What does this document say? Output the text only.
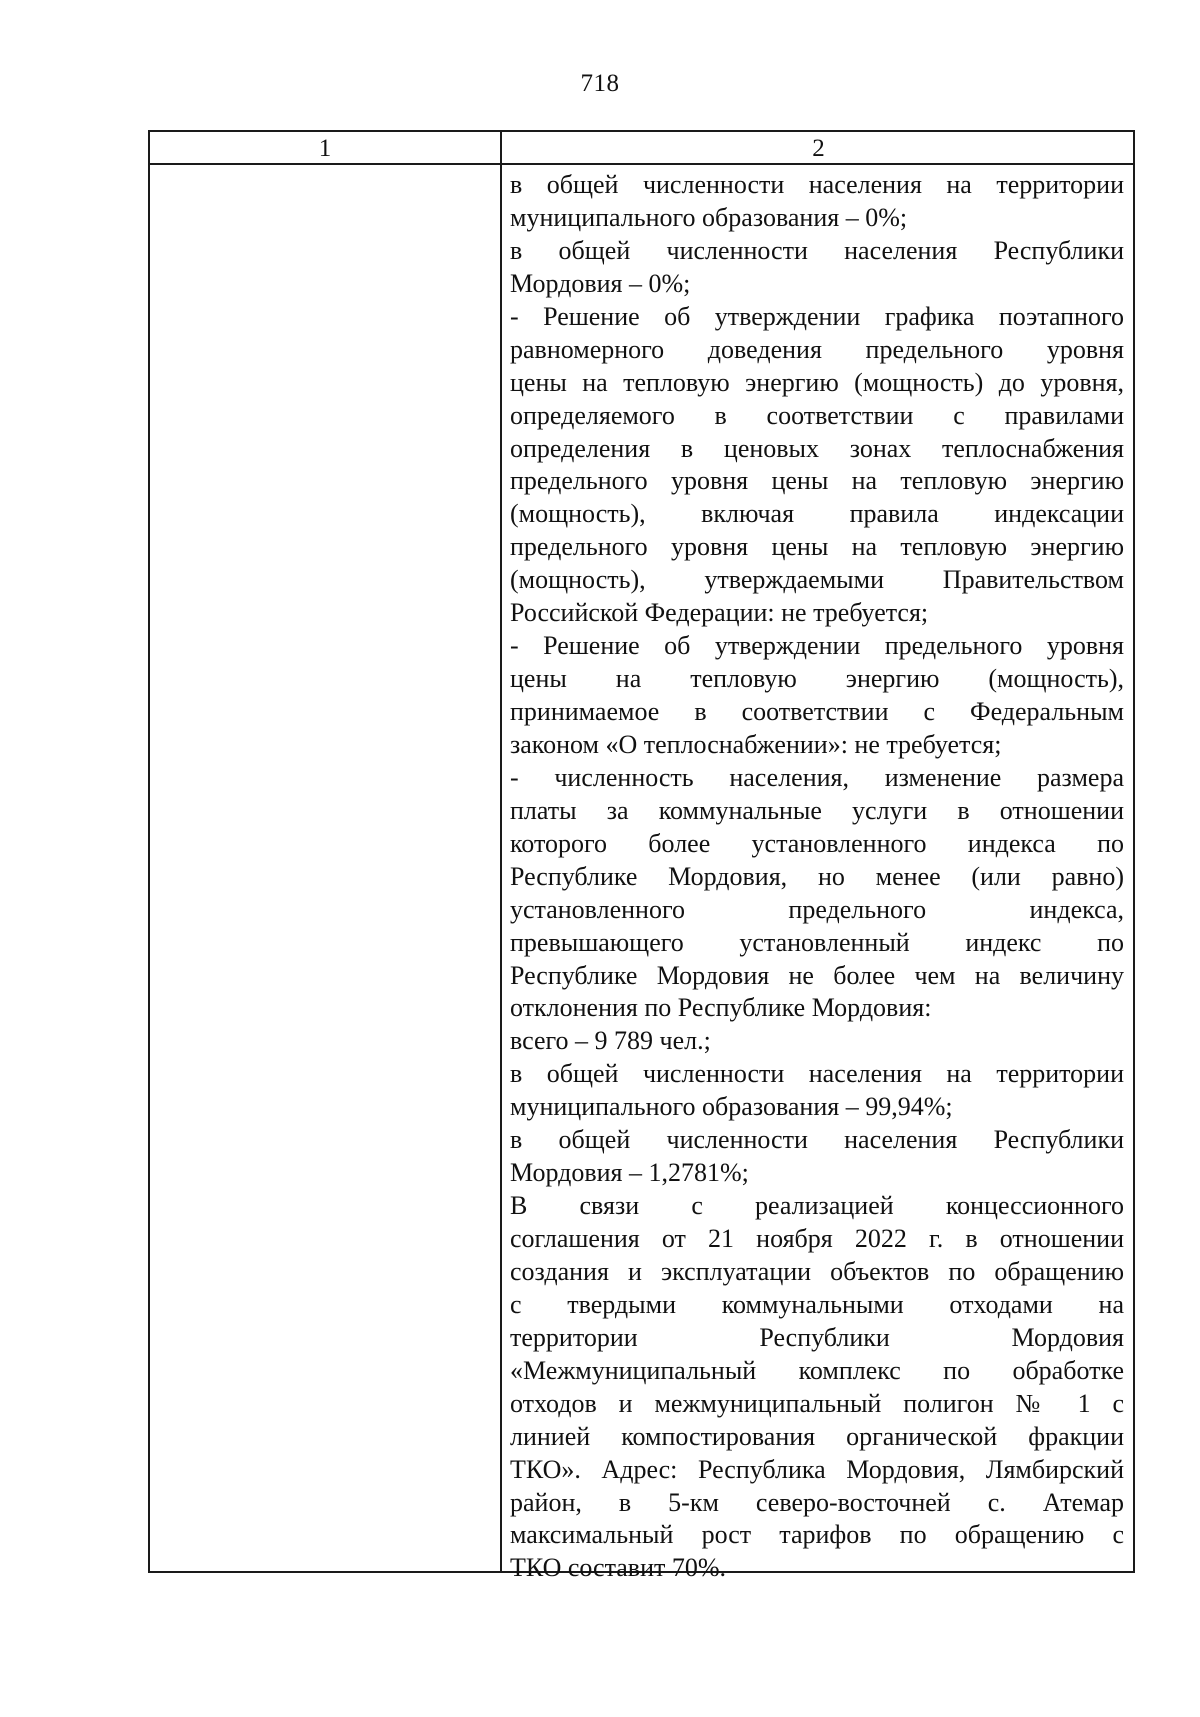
718
1	2
в общей численности населения на территории
муниципального образования – 0%;
в общей численности населения Республики
Мордовия – 0%;
- Решение об утверждении графика поэтапного
равномерного доведения предельного уровня
цены на тепловую энергию (мощность) до уровня,
определяемого в соответствии с правилами
определения в ценовых зонах теплоснабжения
предельного уровня цены на тепловую энергию
(мощность), включая правила индексации
предельного уровня цены на тепловую энергию
(мощность), утверждаемыми Правительством
Российской Федерации: не требуется;
- Решение об утверждении предельного уровня
цены на тепловую энергию (мощность),
принимаемое в соответствии с Федеральным
законом «О теплоснабжении»: не требуется;
- численность населения, изменение размера
платы за коммунальные услуги в отношении
которого более установленного индекса по
Республике Мордовия, но менее (или равно)
установленного предельного индекса,
превышающего установленный индекс по
Республике Мордовия не более чем на величину
отклонения по Республике Мордовия:
всего – 9 789 чел.;
в общей численности населения на территории
муниципального образования – 99,94%;
в общей численности населения Республики
Мордовия – 1,2781%;
В связи с реализацией концессионного
соглашения от 21 ноября 2022 г. в отношении
создания и эксплуатации объектов по обращению
с твердыми коммунальными отходами на
территории Республики Мордовия
«Межмуниципальный комплекс по обработке
отходов и межмуниципальный полигон № 1 с
линией компостирования органической фракции
ТКО». Адрес: Республика Мордовия, Лямбирский
район, в 5-км северо-восточней с. Атемар
максимальный рост тарифов по обращению с
ТКО составит 70%.
